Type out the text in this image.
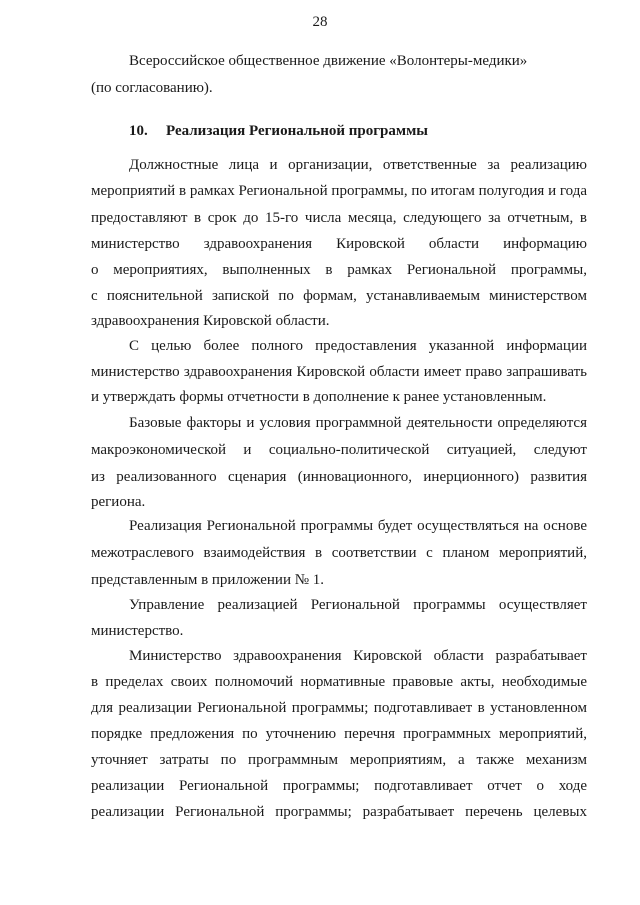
28
Всероссийское общественное движение «Волонтеры-медики»
(по согласованию).
10. Реализация Региональной программы
Должностные лица и организации, ответственные за реализацию
мероприятий в рамках Региональной программы, по итогам полугодия и года
предоставляют в срок до 15-го числа месяца, следующего за отчетным, в
министерство здравоохранения Кировской области информацию
о мероприятиях, выполненных в рамках Региональной программы,
с пояснительной запиской по формам, устанавливаемым министерством
здравоохранения Кировской области.
С целью более полного предоставления указанной информации
министерство здравоохранения Кировской области имеет право запрашивать
и утверждать формы отчетности в дополнение к ранее установленным.
Базовые факторы и условия программной деятельности определяются
макроэкономической и социально-политической ситуацией, следуют
из реализованного сценария (инновационного, инерционного) развития
региона.
Реализация Региональной программы будет осуществляться на основе
межотраслевого взаимодействия в соответствии с планом мероприятий,
представленным в приложении № 1.
Управление реализацией Региональной программы осуществляет
министерство.
Министерство здравоохранения Кировской области разрабатывает
в пределах своих полномочий нормативные правовые акты, необходимые
для реализации Региональной программы; подготавливает в установленном
порядке предложения по уточнению перечня программных мероприятий,
уточняет затраты по программным мероприятиям, а также механизм
реализации Региональной программы; подготавливает отчет о ходе
реализации Региональной программы; разрабатывает перечень целевых
